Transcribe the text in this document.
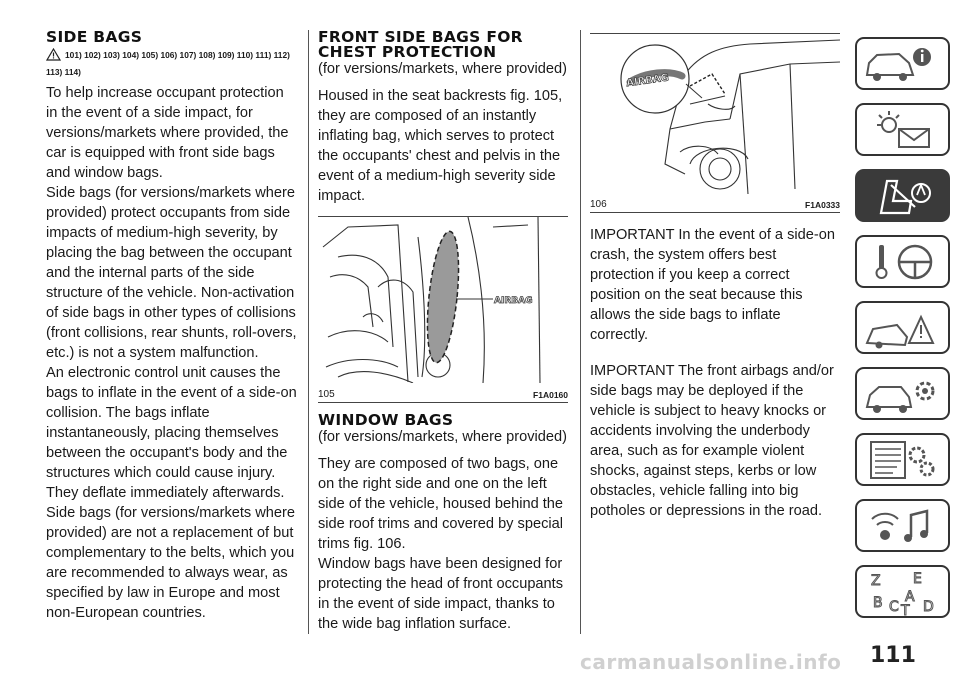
SIDE BAGS
101) 102) 103) 104) 105) 106) 107) 108) 109) 110) 111) 112) 113) 114)

To help increase occupant protection in the event of a side impact, for versions/markets where provided, the car is equipped with front side bags and window bags.

Side bags (for versions/markets where provided) protect occupants from side impacts of medium-high severity, by placing the bag between the occupant and the internal parts of the side structure of the vehicle. Non-activation of side bags in other types of collisions (front collisions, rear shunts, roll-overs, etc.) is not a system malfunction.

An electronic control unit causes the bags to inflate in the event of a side-on collision. The bags inflate instantaneously, placing themselves between the occupant's body and the structures which could cause injury. They deflate immediately afterwards.

Side bags (for versions/markets where provided) are not a replacement of but complementary to the belts, which you are recommended to always wear, as specified by law in Europe and most non-European countries.

FRONT SIDE BAGS FOR CHEST PROTECTION
(for versions/markets, where provided)

Housed in the seat backrests fig. 105, they are composed of an instantly inflating bag, which serves to protect the occupants' chest and pelvis in the event of a medium-high severity side impact.

AIRBAG
105	F1A0160
WINDOW BAGS
(for versions/markets, where provided)

They are composed of two bags, one on the right side and one on the left side of the vehicle, housed behind the side roof trims and covered by special trims fig. 106.

Window bags have been designed for protecting the head of front occupants in the event of side impact, thanks to the wide bag inflation surface.

AIRBAG
106	F1A0333

IMPORTANT In the event of a side-on crash, the system offers best protection if you keep a correct position on the seat because this allows the side bags to inflate correctly.

IMPORTANT The front airbags and/or side bags may be deployed if the vehicle is subject to heavy knocks or accidents involving the underbody area, such as for example violent shocks, against steps, kerbs or low obstacles, vehicle falling into big potholes or depressions in the road.

Z E
B C
A
D
T
carmanualsonline.info 111
